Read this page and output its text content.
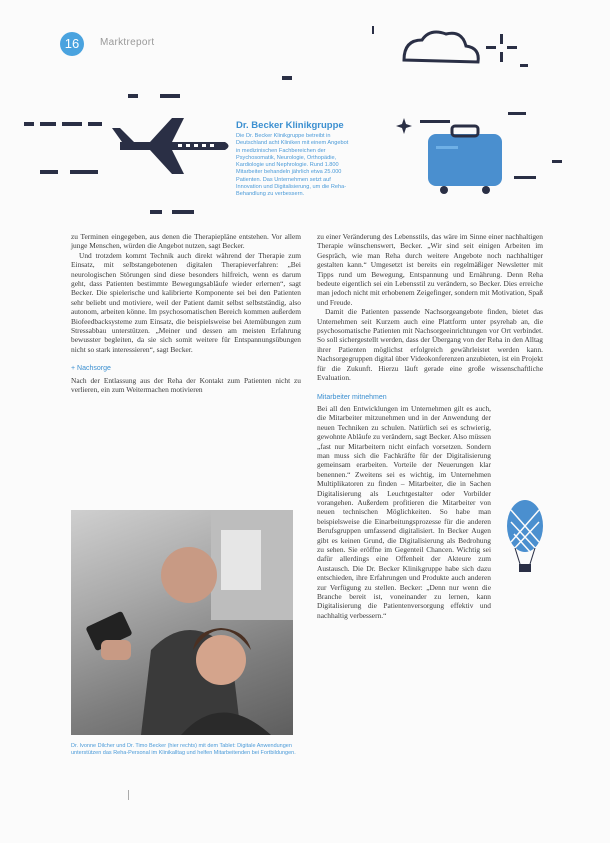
16	Marktreport
Dr. Becker Klinikgruppe
Die Dr. Becker Klinikgruppe betreibt in Deutschland acht Kliniken mit einem Angebot in medizinischen Fachbereichen der Psychosomatik, Neurologie, Orthopädie, Kardiologie und Nephrologie. Rund 1.800 Mitarbeiter behandeln jährlich etwa 25.000 Patienten. Das Unternehmen setzt auf Innovation und Digitalisierung, um die Reha-Behandlung zu verbessern.

zu Terminen eingegeben, aus denen die Therapiepläne entstehen. Vor allem junge Menschen, würden die Angebot nutzen, sagt Becker.

Und trotzdem kommt Technik auch direkt während der Therapie zum Einsatz, mit selbstangebotenen digitalen Therapieverfahren: „Bei neurologischen Störungen sind diese besonders hilfreich, wenn es darum geht, dass Patienten bestimmte Bewegungsabläufe wieder erlernen“, sagt Becker. Die spielerische und kalibrierte Komponente sei bei den Patienten sehr beliebt und motiviere, weil der Patient damit selbst selbstständig, also autonom, arbeiten könne. Im psychosomatischen Bereich kommen außerdem Biofeedbacksysteme zum Einsatz, die beispielsweise bei Atemübungen zum Stressabbau unterstützen. „Meiner und dessen am meisten Erfahrung bewusster begleiten, da sie sich somit weitere für Entspannungsübungen nicht so stark interessieren“, sagt Becker.

+ Nachsorge

Nach der Entlassung aus der Reha der Kontakt zum Patienten nicht zu verlieren, ein zum Weitermachen motivieren

zu einer Veränderung des Lebensstils, das wäre im Sinne einer nachhaltigen Therapie wünschenswert, Becker. „Wir sind seit einigen Arbeiten im Gespräch, wie man Reha durch weitere Angebote noch nachhaltiger gestalten kann.“ Umgesetzt ist bereits ein regelmäßiger Newsletter mit Tipps rund um Bewegung, Entspannung und Ernährung. Denn Reha bedeute eigentlich sei ein Lebensstil zu verändern, so Becker. Dies erreiche man jedoch nicht mit erhobenem Zeigefinger, sondern mit Motivation, Spaß und Freude.

Damit die Patienten passende Nachsorgeangebote finden, bietet das Unternehmen seit Kurzem auch eine Plattform unter psyrehab an, die psychosomatische Patienten mit Nachsorgeeinrichtungen vor Ort verbindet. So soll sichergestellt werden, dass der Übergang von der Reha in den Alltag ihrer Patienten möglichst erfolgreich gewährleistet werden kann. Nachsorgegruppen digital über Videokonferenzen anzubieten, ist ein Projekt für die Zukunft. Hierzu läuft gerade eine große wissenschaftliche Evaluation.

Mitarbeiter mitnehmen

Bei all den Entwicklungen im Unternehmen gilt es auch, die Mitarbeiter mitzunehmen und in der Anwendung der neuen Techniken zu schulen. Natürlich sei es schwierig, gewohnte Abläufe zu verändern, sagt Becker. Also müssen „fast nur Mitarbeitern nicht einfach vorsetzen. Sondern man muss sich die Fachkräfte für der Digitalisierung gemeinsam erarbeiten. Vorteile der Neuerungen klar benennen.“ Zweitens sei es wichtig, im Unternehmen Multiplikatoren zu finden – Mitarbeiter, die in Sachen Digitalisierung als Leuchtgestalter oder Vorbilder vorangehen. Außerdem profitieren die Mitarbeiter von neuen technischen Möglichkeiten. So habe man beispielsweise die Einarbeitungsprozesse für die anderen Berufsgruppen umfassend digitalisiert. In Becker Augen gibt es keinen Grund, die Digitalisierung als Bedrohung zu sehen. Sie eröffne im Gegenteil Chancen. Wichtig sei dafür allerdings eine Offenheit der Akteure zum Austausch. Die Dr. Becker Klinikgruppe habe sich dazu entschieden, ihre Erfahrungen und Produkte auch anderen zur Verfügung zu stellen. Becker: „Denn nur wenn die Branche bereit ist, voneinander zu lernen, kann Digitalisierung die Patientenversorgung effektiv und nachhaltig verbessern.“

Dr. Ivonne Dilcher und Dr. Timo Becker (hier rechts) mit dem Tablet: Digitale Anwendungen unterstützen das Reha-Personal im Klinikalltag und helfen Mitarbeitenden bei Fortbildungen.
